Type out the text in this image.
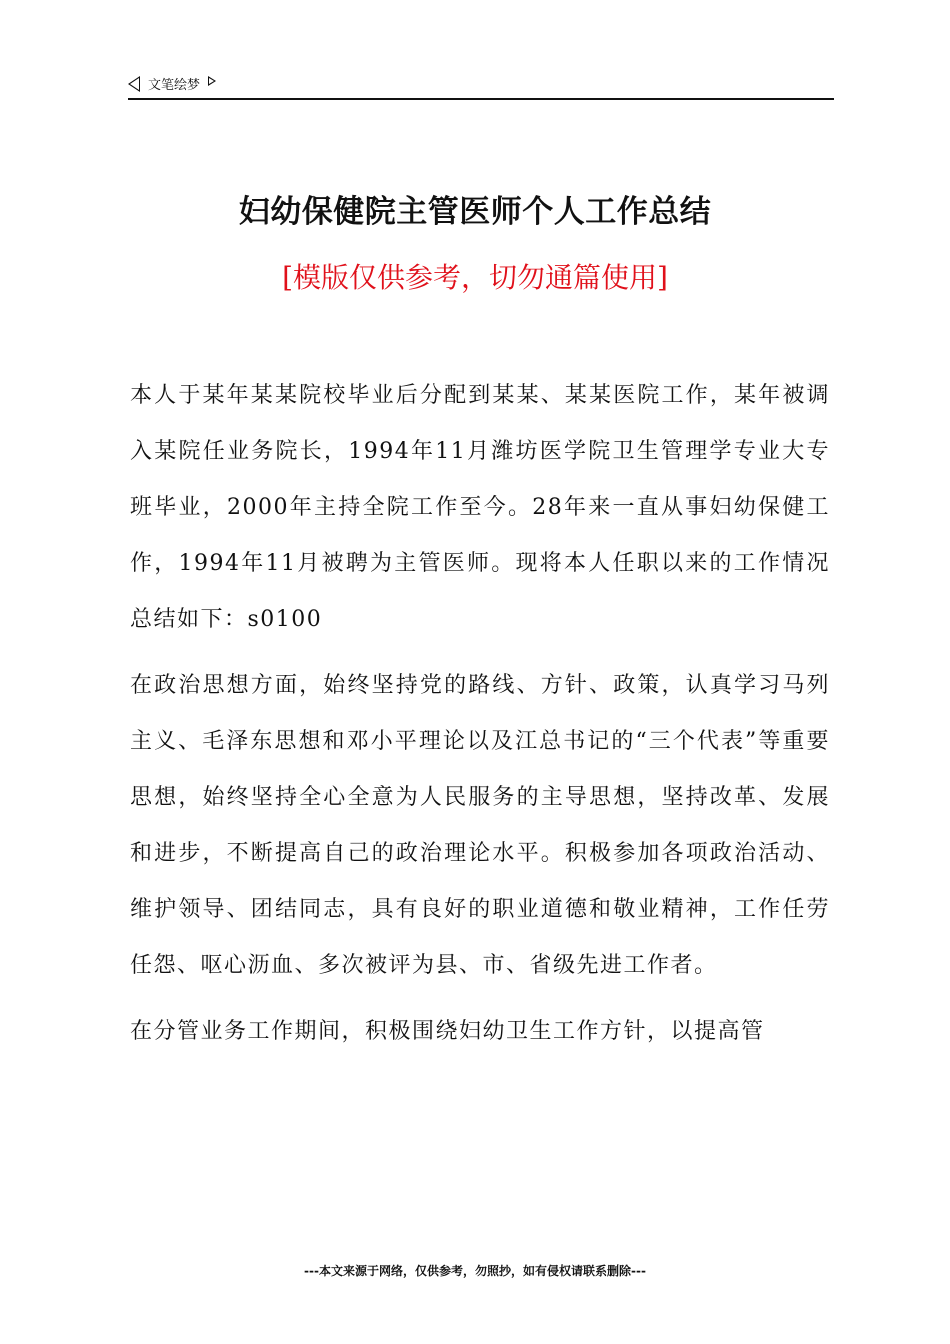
文笔绘梦
妇幼保健院主管医师个人工作总结
[模版仅供参考，切勿通篇使用]

本人于某年某某院校毕业后分配到某某、某某医院工作，某年被调入某院任业务院长，1994年11月潍坊医学院卫生管理学专业大专班毕业，2000年主持全院工作至今。28年来一直从事妇幼保健工作，1994年11月被聘为主管医师。现将本人任职以来的工作情况总结如下：s0100

在政治思想方面，始终坚持党的路线、方针、政策，认真学习马列主义、毛泽东思想和邓小平理论以及江总书记的“三个代表”等重要思想，始终坚持全心全意为人民服务的主导思想，坚持改革、发展和进步，不断提高自己的政治理论水平。积极参加各项政治活动、维护领导、团结同志，具有良好的职业道德和敬业精神，工作任劳任怨、呕心沥血、多次被评为县、市、省级先进工作者。

在分管业务工作期间，积极围绕妇幼卫生工作方针，以提高管

---本文来源于网络，仅供参考，勿照抄，如有侵权请联系删除---
